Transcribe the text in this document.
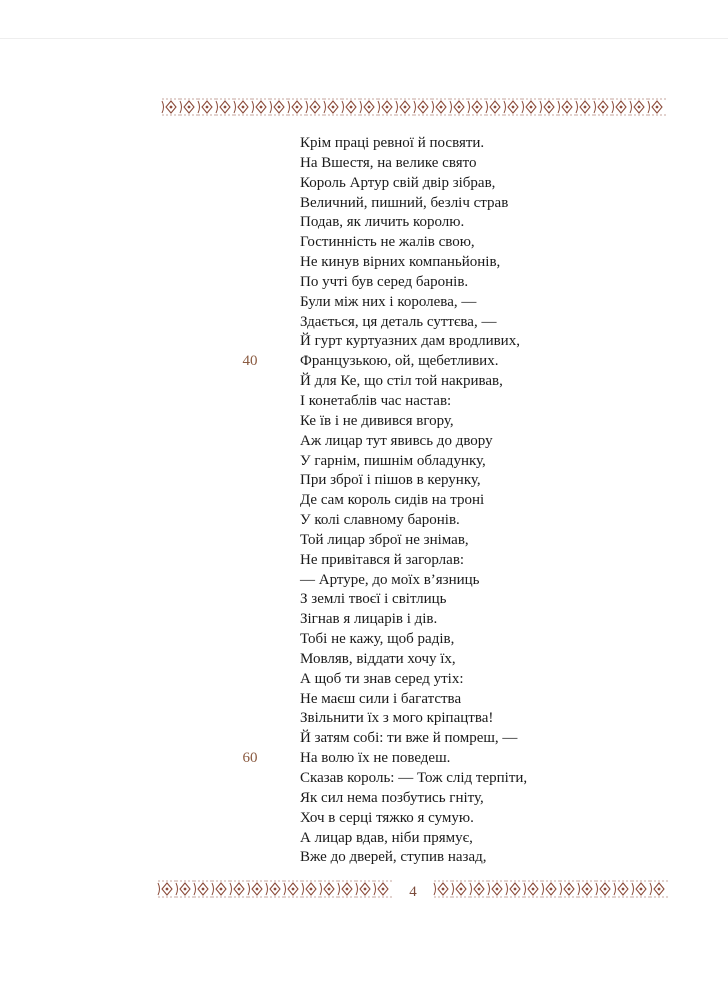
Крім праці ревної й посвяти.
На Вшестя, на велике свято
Король Артур свій двір зібрав,
Величний, пишний, безліч страв
Подав, як личить королю.
Гостинність не жалів свою,
Не кинув вірних компаньйонів,
По учті був серед баронів.
Були між них і королева, —
Здається, ця деталь суттєва, —
Й гурт куртуазних дам вродливих,
Французькою, ой, щебетливих.
Й для Ке, що стіл той накривав,
І конетаблів час настав:
Ке їв і не дивився вгору,
Аж лицар тут явивсь до двору
У гарнім, пишнім обладунку,
При зброї і пішов в керунку,
Де сам король сидів на троні
У колі славному баронів.
Той лицар зброї не знімав,
Не привітався й загорлав:
— Артуре, до моїх в’язниць
З землі твоєї і світлиць
Зігнав я лицарів і дів.
Тобі не кажу, щоб радів,
Мовляв, віддати хочу їх,
А щоб ти знав серед утіх:
Не маєш сили і багатства
Звільнити їх з мого кріпацтва!
Й затям собі: ти вже й помреш, —
На волю їх не поведеш.
Сказав король: — Тож слід терпіти,
Як сил нема позбутись гніту,
Хоч в серці тяжко я сумую.
А лицар вдав, ніби прямує,
Вже до дверей, ступив назад,
40
60
4
